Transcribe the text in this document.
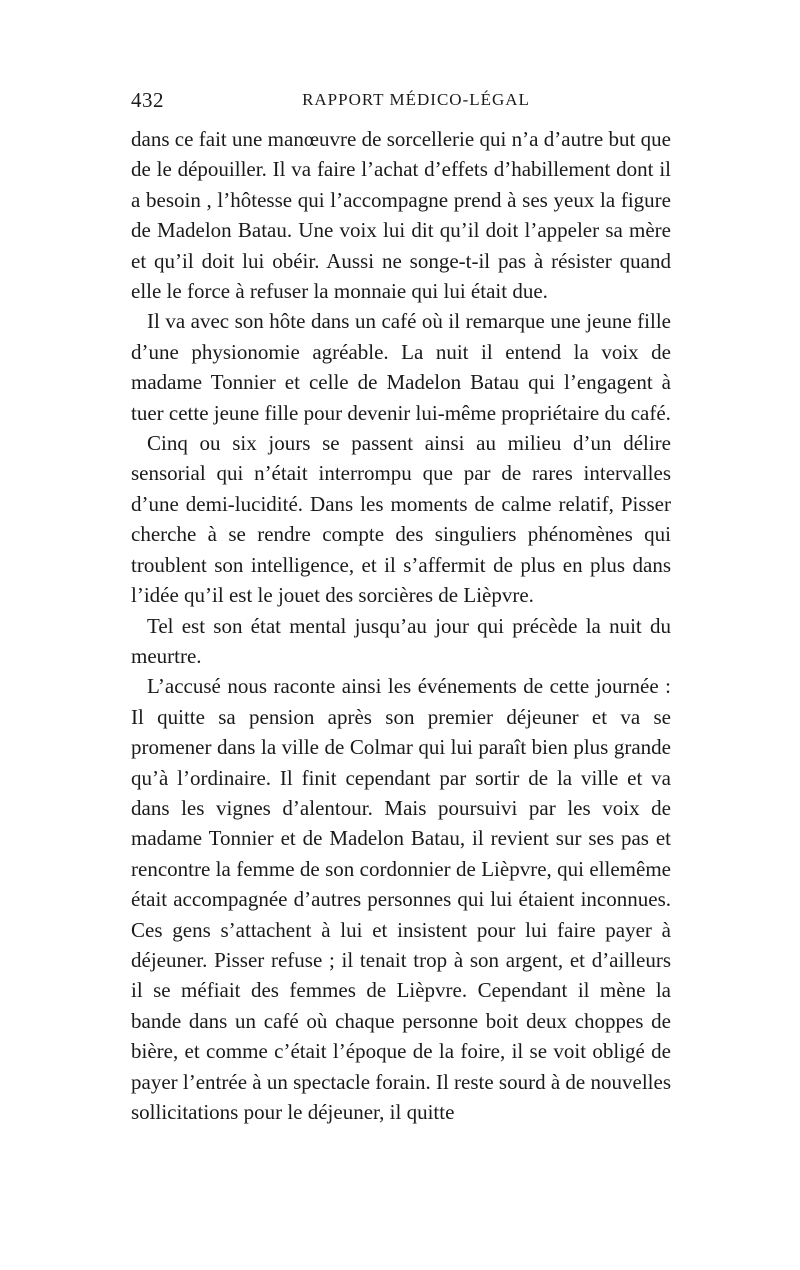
432	RAPPORT MÉDICO-LÉGAL

dans ce fait une manœuvre de sorcellerie qui n’a d’autre but que de le dépouiller. Il va faire l’achat d’effets d’habillement dont il a besoin , l’hôtesse qui l’accompagne prend à ses yeux la figure de Madelon Batau. Une voix lui dit qu’il doit l’appeler sa mère et qu’il doit lui obéir. Aussi ne songe-t-il pas à résister quand elle le force à refuser la monnaie qui lui était due.

Il va avec son hôte dans un café où il remarque une jeune fille d’une physionomie agréable. La nuit il entend la voix de madame Tonnier et celle de Madelon Batau qui l’engagent à tuer cette jeune fille pour devenir lui-même propriétaire du café.

Cinq ou six jours se passent ainsi au milieu d’un délire sensorial qui n’était interrompu que par de rares intervalles d’une demi-lucidité. Dans les moments de calme relatif, Pisser cherche à se rendre compte des singuliers phénomènes qui troublent son intelligence, et il s’affermit de plus en plus dans l’idée qu’il est le jouet des sorcières de Lièpvre.

Tel est son état mental jusqu’au jour qui précède la nuit du meurtre.

L’accusé nous raconte ainsi les événements de cette journée : Il quitte sa pension après son premier déjeuner et va se promener dans la ville de Colmar qui lui paraît bien plus grande qu’à l’ordinaire. Il finit cependant par sortir de la ville et va dans les vignes d’alentour. Mais poursuivi par les voix de madame Tonnier et de Madelon Batau, il revient sur ses pas et rencontre la femme de son cordonnier de Lièpvre, qui ellemême était accompagnée d’autres personnes qui lui étaient inconnues. Ces gens s’attachent à lui et insistent pour lui faire payer à déjeuner. Pisser refuse ; il tenait trop à son argent, et d’ailleurs il se méfiait des femmes de Lièpvre. Cependant il mène la bande dans un café où chaque personne boit deux choppes de bière, et comme c’était l’époque de la foire, il se voit obligé de payer l’entrée à un spectacle forain. Il reste sourd à de nouvelles sollicitations pour le déjeuner, il quitte
